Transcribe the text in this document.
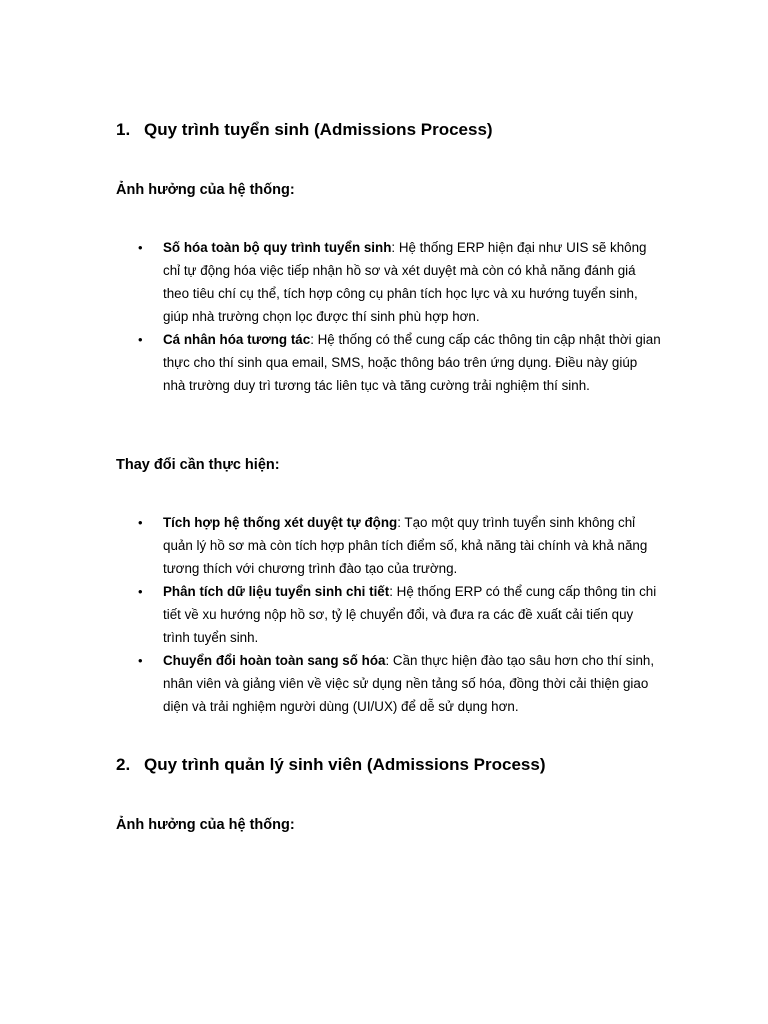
1. Quy trình tuyển sinh (Admissions Process)
Ảnh hưởng của hệ thống:
• Số hóa toàn bộ quy trình tuyển sinh: Hệ thống ERP hiện đại như UIS sẽ không chỉ tự động hóa việc tiếp nhận hồ sơ và xét duyệt mà còn có khả năng đánh giá theo tiêu chí cụ thể, tích hợp công cụ phân tích học lực và xu hướng tuyển sinh, giúp nhà trường chọn lọc được thí sinh phù hợp hơn.
• Cá nhân hóa tương tác: Hệ thống có thể cung cấp các thông tin cập nhật thời gian thực cho thí sinh qua email, SMS, hoặc thông báo trên ứng dụng. Điều này giúp nhà trường duy trì tương tác liên tục và tăng cường trải nghiệm thí sinh.
Thay đổi cần thực hiện:
• Tích hợp hệ thống xét duyệt tự động: Tạo một quy trình tuyển sinh không chỉ quản lý hồ sơ mà còn tích hợp phân tích điểm số, khả năng tài chính và khả năng tương thích với chương trình đào tạo của trường.
• Phân tích dữ liệu tuyển sinh chi tiết: Hệ thống ERP có thể cung cấp thông tin chi tiết về xu hướng nộp hồ sơ, tỷ lệ chuyển đổi, và đưa ra các đề xuất cải tiến quy trình tuyển sinh.
• Chuyển đổi hoàn toàn sang số hóa: Cần thực hiện đào tạo sâu hơn cho thí sinh, nhân viên và giảng viên về việc sử dụng nền tảng số hóa, đồng thời cải thiện giao diện và trải nghiệm người dùng (UI/UX) để dễ sử dụng hơn.
2. Quy trình quản lý sinh viên (Admissions Process)
Ảnh hưởng của hệ thống:
